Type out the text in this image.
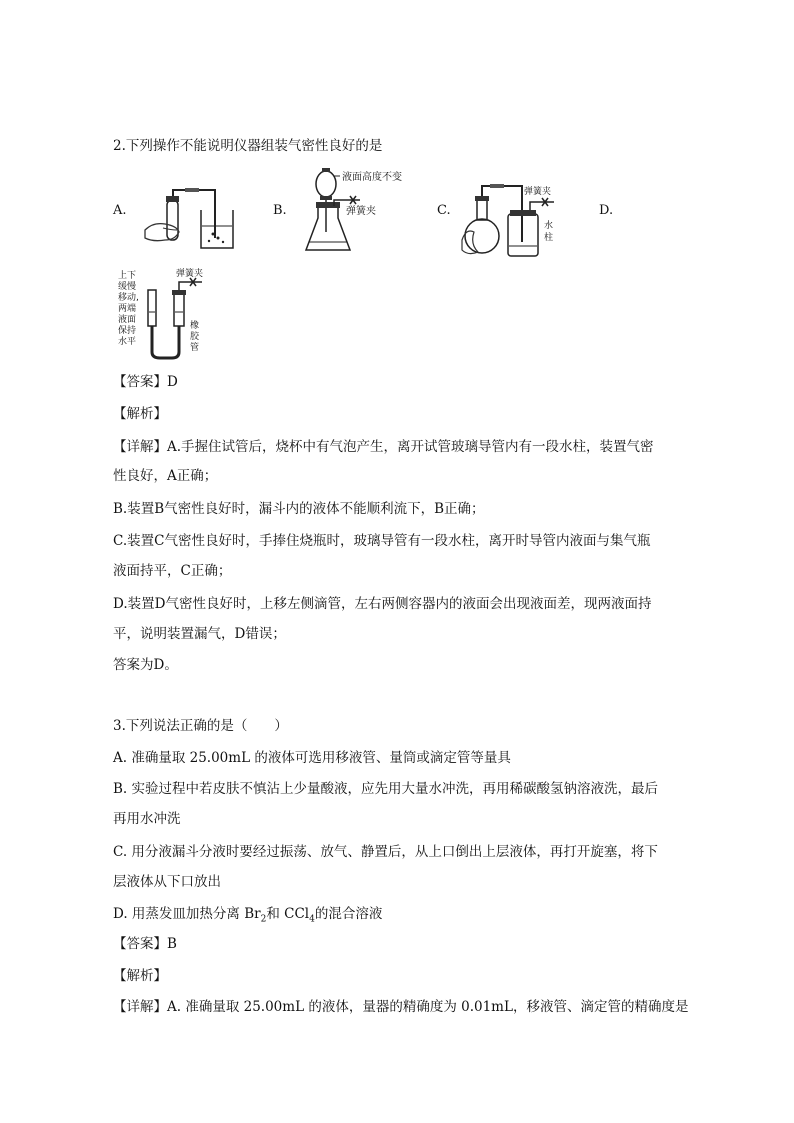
2.下列操作不能说明仪器组装气密性良好的是
A.	B.	C.	D.
液面高度不变
弹簧夹
弹簧夹
水
柱
上下
缓慢
移动,
两端
液面
保持
水平
弹簧夹
橡
胶
管
【答案】D
【解析】
【详解】A.手握住试管后，烧杯中有气泡产生，离开试管玻璃导管内有一段水柱，装置气密
性良好，A正确；
B.装置B气密性良好时，漏斗内的液体不能顺利流下，B正确；
C.装置C气密性良好时，手捧住烧瓶时，玻璃导管有一段水柱，离开时导管内液面与集气瓶
液面持平，C正确；
D.装置D气密性良好时，上移左侧滴管，左右两侧容器内的液面会出现液面差，现两液面持
平，说明装置漏气，D错误；
答案为D。
3.下列说法正确的是（　　）
A. 准确量取 25.00mL 的液体可选用移液管、量筒或滴定管等量具
B. 实验过程中若皮肤不慎沾上少量酸液，应先用大量水冲洗，再用稀碳酸氢钠溶液洗，最后
再用水冲洗
C. 用分液漏斗分液时要经过振荡、放气、静置后，从上口倒出上层液体，再打开旋塞，将下
层液体从下口放出
D. 用蒸发皿加热分离 $Br_2$和 CCl$_4$的混合溶液
【答案】B
【解析】
【详解】A. 准确量取 25.00mL 的液体，量器的精确度为 0.01mL，移液管、滴定管的精确度是
